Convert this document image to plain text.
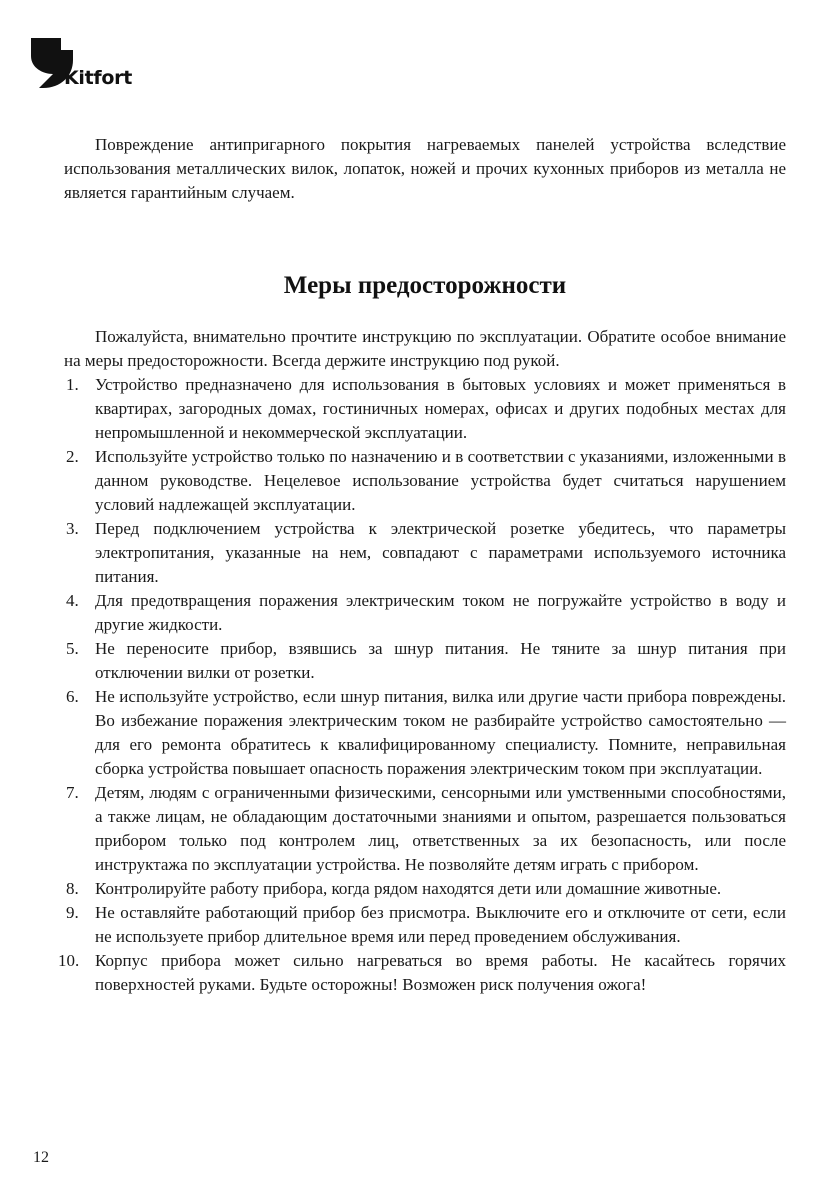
Kitfort

Повреждение антипригарного покрытия нагреваемых панелей устройства вследствие использования металлических вилок, лопаток, ножей и прочих кухонных приборов из металла не является гарантийным случаем.

Меры предосторожности

Пожалуйста, внимательно прочтите инструкцию по эксплуатации. Обратите особое внимание на меры предосторожности. Всегда держите инструкцию под рукой.

1. Устройство предназначено для использования в бытовых условиях и может применяться в квартирах, загородных домах, гостиничных номерах, офисах и других подобных местах для непромышленной и некоммерческой эксплуатации.
2. Используйте устройство только по назначению и в соответствии с указаниями, изложенными в данном руководстве. Нецелевое использование устройства будет считаться нарушением условий надлежащей эксплуатации.
3. Перед подключением устройства к электрической розетке убедитесь, что параметры электропитания, указанные на нем, совпадают с параметрами используемого источника питания.
4. Для предотвращения поражения электрическим током не погружайте устройство в воду и другие жидкости.
5. Не переносите прибор, взявшись за шнур питания. Не тяните за шнур питания при отключении вилки от розетки.
6. Не используйте устройство, если шнур питания, вилка или другие части прибора повреждены. Во избежание поражения электрическим током не разбирайте устройство самостоятельно — для его ремонта обратитесь к квалифицированному специалисту. Помните, неправильная сборка устройства повышает опасность поражения электрическим током при эксплуатации.
7. Детям, людям с ограниченными физическими, сенсорными или умственными способностями, а также лицам, не обладающим достаточными знаниями и опытом, разрешается пользоваться прибором только под контролем лиц, ответственных за их безопасность, или после инструктажа по эксплуатации устройства. Не позволяйте детям играть с прибором.
8. Контролируйте работу прибора, когда рядом находятся дети или домашние животные.
9. Не оставляйте работающий прибор без присмотра. Выключите его и отключите от сети, если не используете прибор длительное время или перед проведением обслуживания.
10. Корпус прибора может сильно нагреваться во время работы. Не касайтесь горячих поверхностей руками. Будьте осторожны! Возможен риск получения ожога!
12
